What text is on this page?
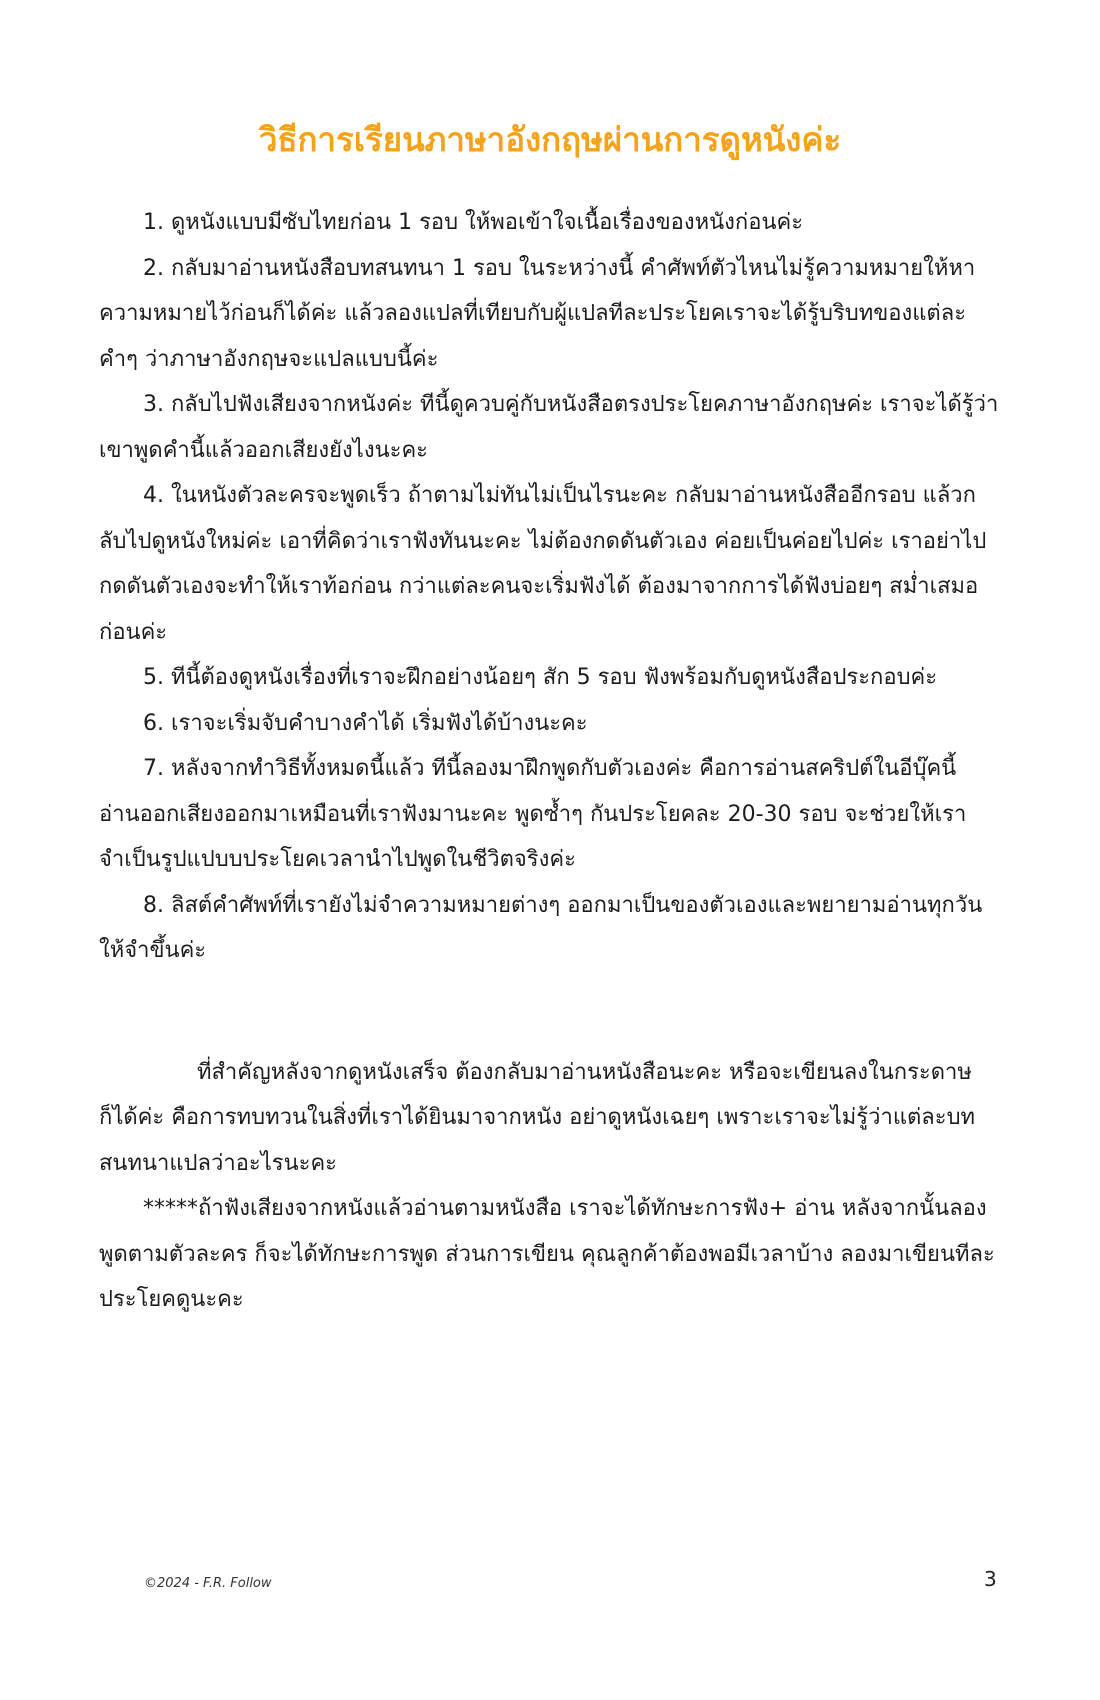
วิธีการเรียนภาษาอังกฤษผ่านการดูหนังค่ะ

1. ดูหนังแบบมีซับไทยก่อน 1 รอบ ให้พอเข้าใจเนื้อเรื่องของหนังก่อนค่ะ

2. กลับมาอ่านหนังสือบทสนทนา 1 รอบ ในระหว่างนี้ คำศัพท์ตัวไหนไม่รู้ความหมายให้หาความหมายไว้ก่อนก็ได้ค่ะ แล้วลองแปลที่เทียบกับผู้แปลทีละประโยคเราจะได้รู้บริบทของแต่ละคำๆ ว่าภาษาอังกฤษจะแปลแบบนี้ค่ะ

3. กลับไปฟังเสียงจากหนังค่ะ ทีนี้ดูควบคู่กับหนังสือตรงประโยคภาษาอังกฤษค่ะ เราจะได้รู้ว่าเขาพูดคำนี้แล้วออกเสียงยังไงนะคะ

4. ในหนังตัวละครจะพูดเร็ว ถ้าตามไม่ทันไม่เป็นไรนะคะ กลับมาอ่านหนังสืออีกรอบ แล้วกลับไปดูหนังใหม่ค่ะ เอาที่คิดว่าเราฟังทันนะคะ ไม่ต้องกดดันตัวเอง ค่อยเป็นค่อยไปค่ะ เราอย่าไปกดดันตัวเองจะทำให้เราท้อก่อน กว่าแต่ละคนจะเริ่มฟังได้ ต้องมาจากการได้ฟังบ่อยๆ สม่ำเสมอก่อนค่ะ

5. ทีนี้ต้องดูหนังเรื่องที่เราจะฝึกอย่างน้อยๆ สัก 5 รอบ ฟังพร้อมกับดูหนังสือประกอบค่ะ

6. เราจะเริ่มจับคำบางคำได้ เริ่มฟังได้บ้างนะคะ

7. หลังจากทำวิธีทั้งหมดนี้แล้ว ทีนี้ลองมาฝึกพูดกับตัวเองค่ะ คือการอ่านสคริปต์ในอีบุ๊คนี้ อ่านออกเสียงออกมาเหมือนที่เราฟังมานะคะ พูดซ้ำๆ กันประโยคละ 20-30 รอบ จะช่วยให้เราจำเป็นรูปแปบบประโยคเวลานำไปพูดในชีวิตจริงค่ะ

8. ลิสต์คำศัพท์ที่เรายังไม่จำความหมายต่างๆ ออกมาเป็นของตัวเองและพยายามอ่านทุกวันให้จำขึ้นค่ะ

ที่สำคัญหลังจากดูหนังเสร็จ ต้องกลับมาอ่านหนังสือนะคะ หรือจะเขียนลงในกระดาษก็ได้ค่ะ คือการทบทวนในสิ่งที่เราได้ยินมาจากหนัง อย่าดูหนังเฉยๆ เพราะเราจะไม่รู้ว่าแต่ละบทสนทนาแปลว่าอะไรนะคะ

*****ถ้าฟังเสียงจากหนังแล้วอ่านตามหนังสือ เราจะได้ทักษะการฟัง+ อ่าน หลังจากนั้นลองพูดตามตัวละคร ก็จะได้ทักษะการพูด ส่วนการเขียน คุณลูกค้าต้องพอมีเวลาบ้าง ลองมาเขียนทีละประโยคดูนะคะ

©2024 - F.R. Follow	3
